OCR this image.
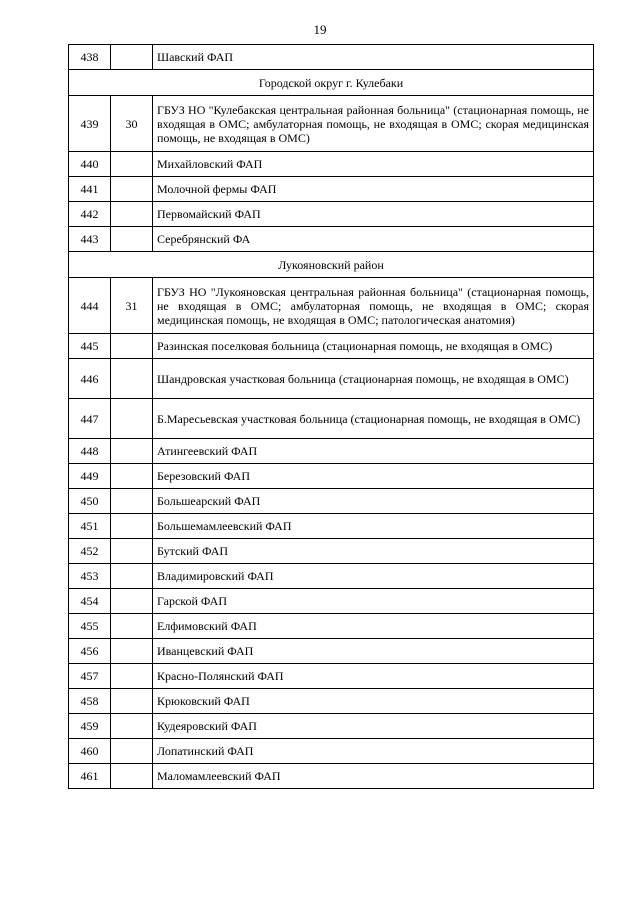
19
438		Шавский ФАП
Городской округ г. Кулебаки		
439	30	ГБУЗ НО "Кулебакская центральная районная больница" (стационарная помощь, не входящая в ОМС; амбулаторная помощь, не входящая в ОМС; скорая медицинская помощь, не входящая в ОМС)
440		Михайловский ФАП
441		Молочной фермы ФАП
442		Первомайский ФАП
443		Серебрянский ФА
Лукояновский район		
444	31	ГБУЗ НО "Лукояновская центральная районная больница" (стационарная помощь, не входящая в ОМС; амбулаторная помощь, не входящая в ОМС; скорая медицинская помощь, не входящая в ОМС; патологическая анатомия)
445		Разинская поселковая больница (стационарная помощь, не входящая в ОМС)
446		Шандровская участковая больница (стационарная помощь, не входящая в ОМС)
447		Б.Маресьевская участковая больница (стационарная помощь, не входящая в ОМС)
448		Атингеевский ФАП
449		Березовский ФАП
450		Большеарский ФАП
451		Большемамлеевский ФАП
452		Бутский ФАП
453		Владимировский ФАП
454		Гарской ФАП
455		Елфимовский ФАП
456		Иванцевский ФАП
457		Красно-Полянский ФАП
458		Крюковский ФАП
459		Кудеяровский ФАП
460		Лопатинский ФАП
461		Маломамлеевский ФАП
